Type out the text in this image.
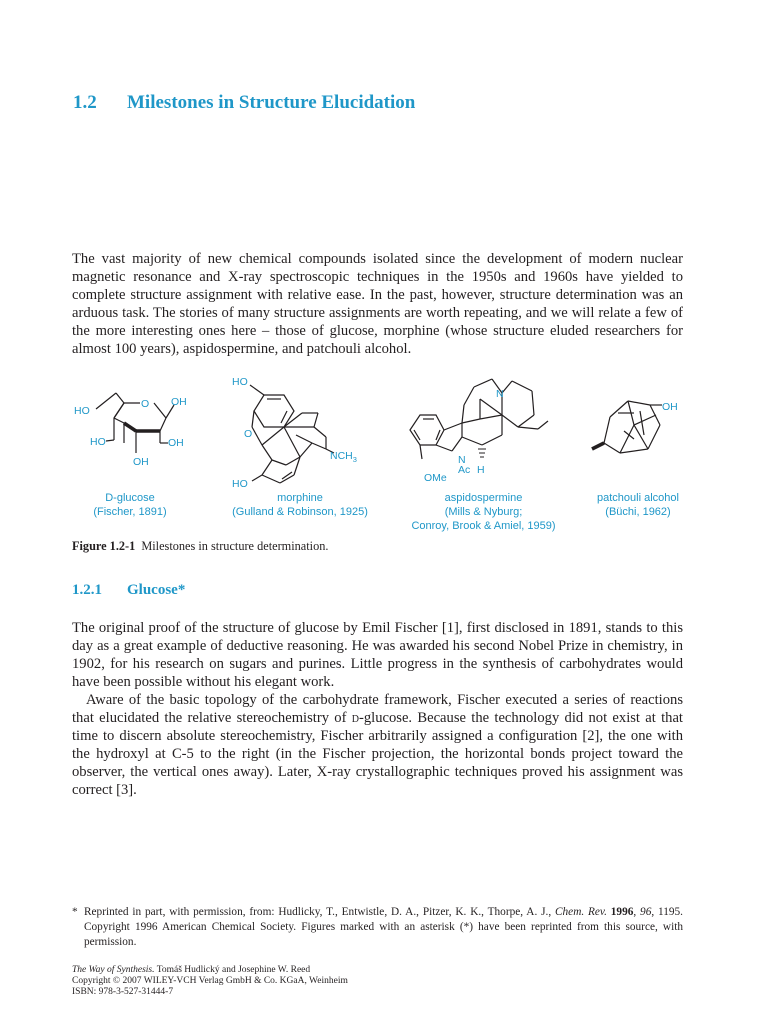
1.2 Milestones in Structure Elucidation

The vast majority of new chemical compounds isolated since the development of modern nuclear magnetic resonance and X-ray spectroscopic techniques in the 1950s and 1960s have yielded to complete structure assignment with relative ease. In the past, however, structure determination was an arduous task. The stories of many structure assignments are worth repeating, and we will relate a few of the more interesting ones here – those of glucose, morphine (whose structure eluded researchers for almost 100 years), aspidospermine, and patchouli alcohol.

O OH
HO
HO	OH
OH
HO
O
$NCH_3$
HO
N
N
Ac H
OMe
OH
D-glucose
(Fischer, 1891)
morphine
(Gulland & Robinson, 1925)
aspidospermine
(Mills & Nyburg;
Conroy, Brook & Amiel, 1959)
patchouli alcohol
(Büchi, 1962)
Figure 1.2-1 Milestones in structure determination.
1.2.1 Glucose*

The original proof of the structure of glucose by Emil Fischer [1], first disclosed in 1891, stands to this day as a great example of deductive reasoning. He was awarded his second Nobel Prize in chemistry, in 1902, for his research on sugars and purines. Little progress in the synthesis of carbohydrates would have been possible without his elegant work.

Aware of the basic topology of the carbohydrate framework, Fischer executed a series of reactions that elucidated the relative stereochemistry of d-glucose. Because the technology did not exist at that time to discern absolute stereochemistry, Fischer arbitrarily assigned a configuration [2], the one with the hydroxyl at C-5 to the right (in the Fischer projection, the horizontal bonds project toward the observer, the vertical ones away). Later, X-ray crystallographic techniques proved his assignment was correct [3].

* Reprinted in part, with permission, from: Hudlicky, T., Entwistle, D. A., Pitzer, K. K., Thorpe, A. J., Chem. Rev. 1996, 96, 1195. Copyright 1996 American Chemical Society. Figures marked with an asterisk (*) have been reprinted from this source, with permission.
The Way of Synthesis. Tomáš Hudlický and Josephine W. Reed
Copyright © 2007 WILEY-VCH Verlag GmbH & Co. KGaA, Weinheim
ISBN: 978-3-527-31444-7
